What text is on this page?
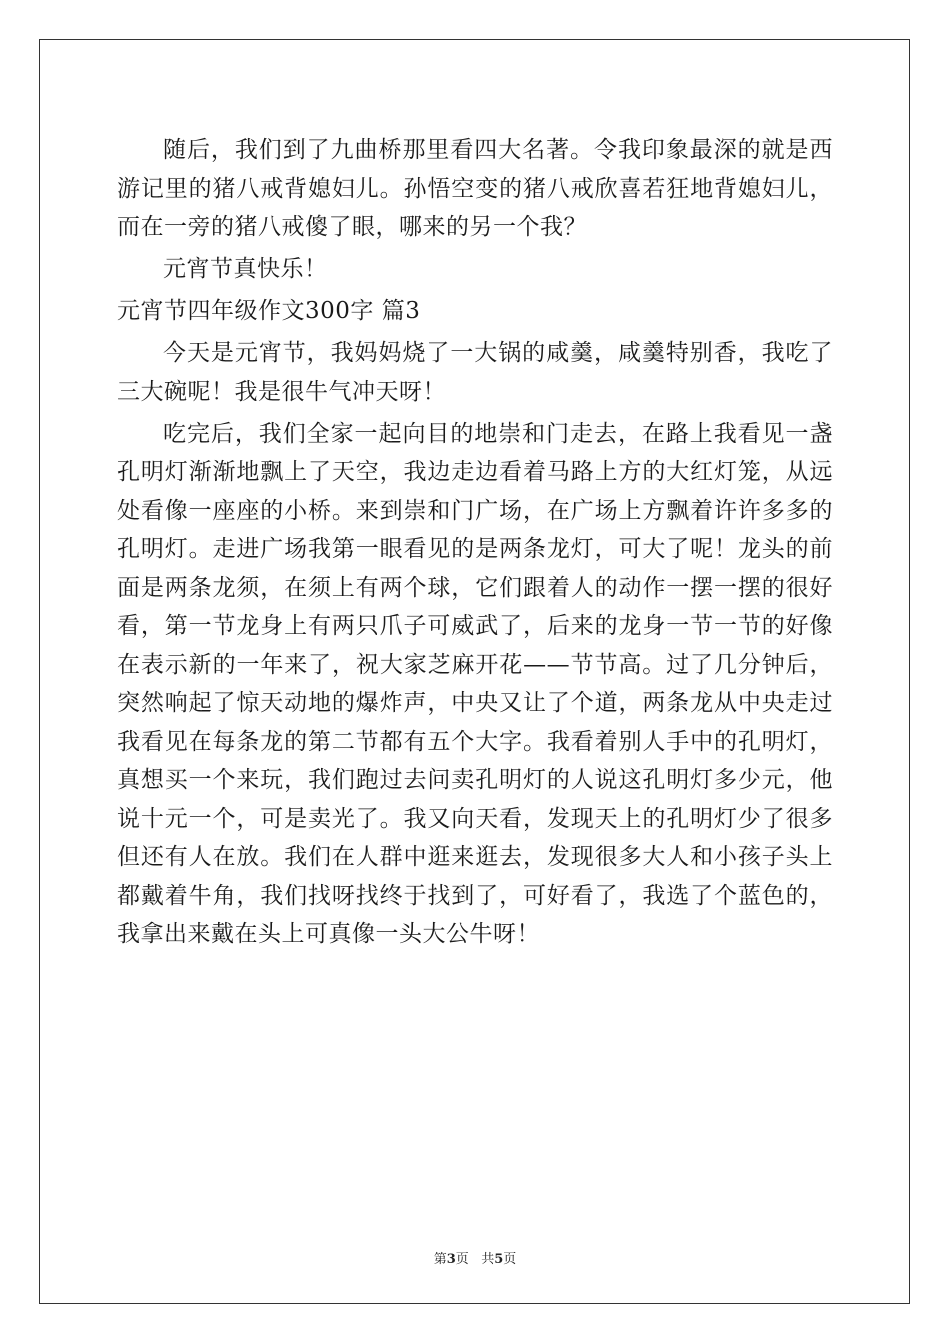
随后，我们到了九曲桥那里看四大名著。令我印象最深的就是西游记里的猪八戒背媳妇儿。孙悟空变的猪八戒欣喜若狂地背媳妇儿，而在一旁的猪八戒傻了眼，哪来的另一个我？

元宵节真快乐！

元宵节四年级作文300字 篇3

今天是元宵节，我妈妈烧了一大锅的咸羹，咸羹特别香，我吃了三大碗呢！我是很牛气冲天呀！

吃完后，我们全家一起向目的地崇和门走去，在路上我看见一盏孔明灯渐渐地飘上了天空，我边走边看着马路上方的大红灯笼，从远处看像一座座的小桥。来到崇和门广场，在广场上方飘着许许多多的孔明灯。走进广场我第一眼看见的是两条龙灯，可大了呢！龙头的前面是两条龙须，在须上有两个球，它们跟着人的动作一摆一摆的很好看，第一节龙身上有两只爪子可威武了，后来的龙身一节一节的好像在表示新的一年来了，祝大家芝麻开花——节节高。过了几分钟后，突然响起了惊天动地的爆炸声，中央又让了个道，两条龙从中央走过我看见在每条龙的第二节都有五个大字。我看着别人手中的孔明灯，真想买一个来玩，我们跑过去问卖孔明灯的人说这孔明灯多少元，他说十元一个，可是卖光了。我又向天看，发现天上的孔明灯少了很多但还有人在放。我们在人群中逛来逛去，发现很多大人和小孩子头上都戴着牛角，我们找呀找终于找到了，可好看了，我选了个蓝色的，我拿出来戴在头上可真像一头大公牛呀！

第3页   共5页
